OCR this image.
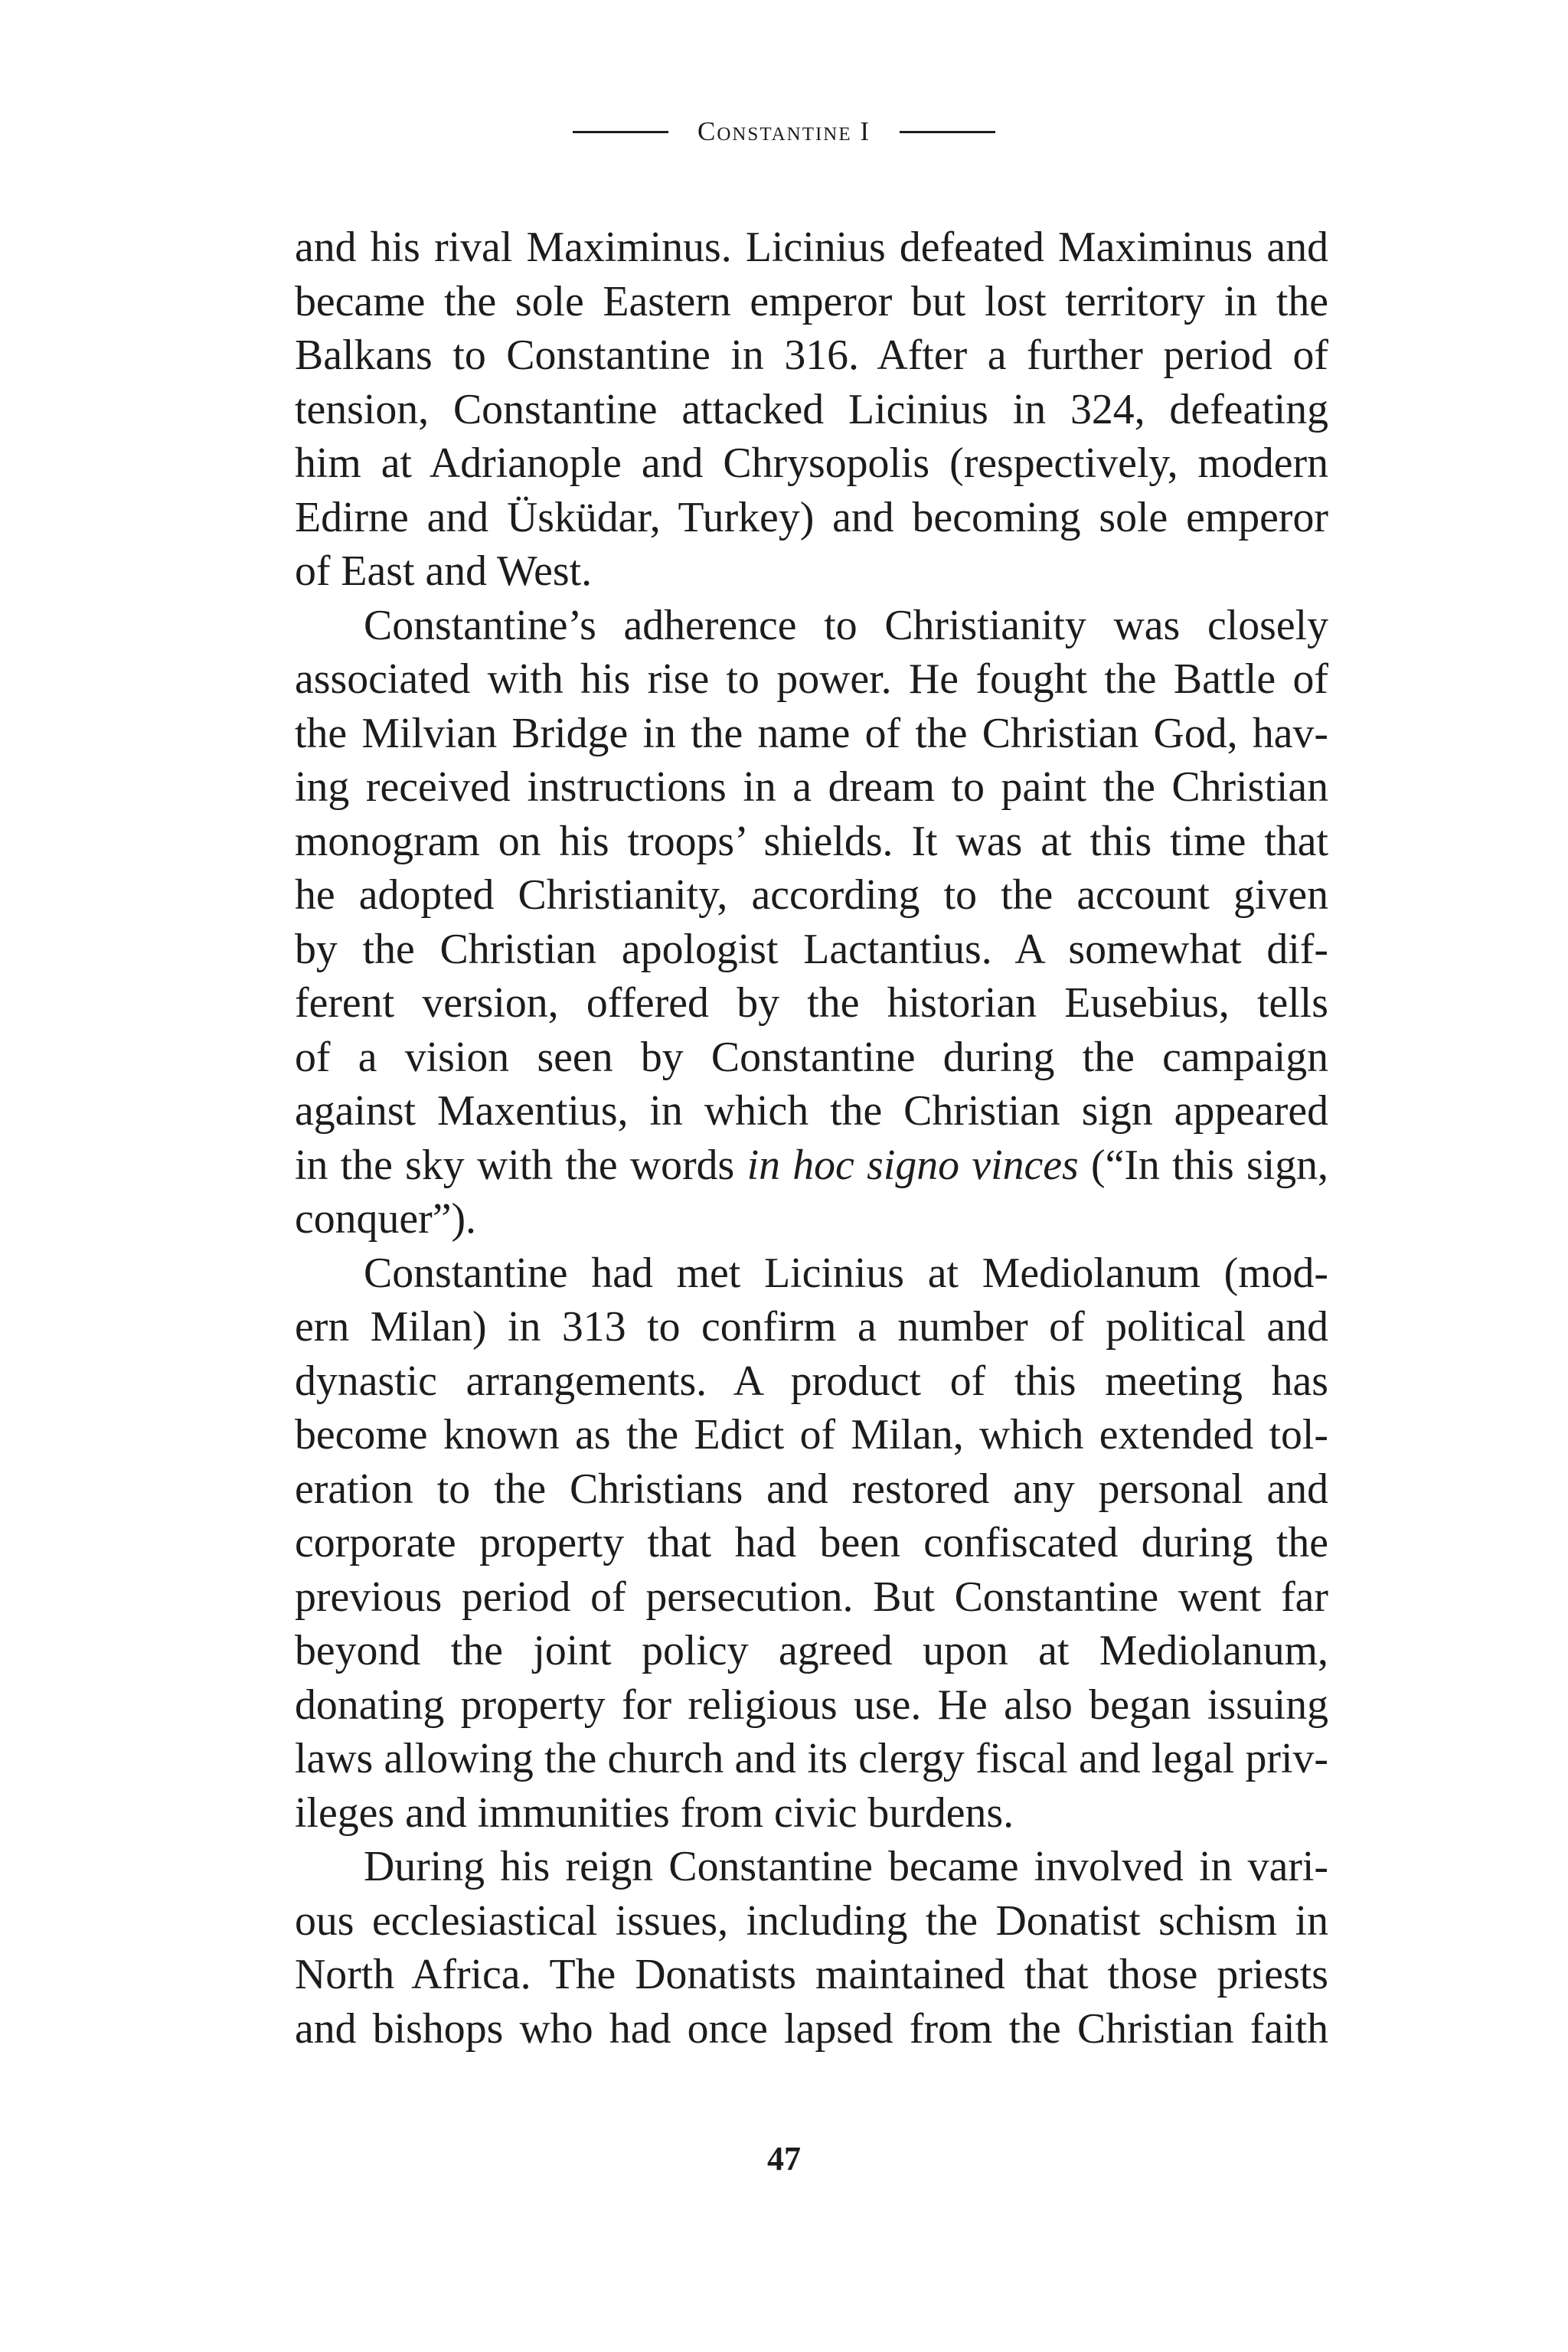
Constantine I
and his rival Maximinus. Licinius defeated Maximinus and
became the sole Eastern emperor but lost territory in the
Balkans to Constantine in 316. After a further period of
tension, Constantine attacked Licinius in 324, defeating
him at Adrianople and Chrysopolis (respectively, modern
Edirne and Üsküdar, Turkey) and becoming sole emperor
of East and West.
Constantine’s adherence to Christianity was closely
associated with his rise to power. He fought the Battle of
the Milvian Bridge in the name of the Christian God, hav-
ing received instructions in a dream to paint the Christian
monogram on his troops’ shields. It was at this time that
he adopted Christianity, according to the account given
by the Christian apologist Lactantius. A somewhat dif-
ferent version, offered by the historian Eusebius, tells
of a vision seen by Constantine during the campaign
against Maxentius, in which the Christian sign appeared
in the sky with the words in hoc signo vinces (“In this sign,
conquer”).
Constantine had met Licinius at Mediolanum (mod-
ern Milan) in 313 to confirm a number of political and
dynastic arrangements. A product of this meeting has
become known as the Edict of Milan, which extended tol-
eration to the Christians and restored any personal and
corporate property that had been confiscated during the
previous period of persecution. But Constantine went far
beyond the joint policy agreed upon at Mediolanum,
donating property for religious use. He also began issuing
laws allowing the church and its clergy fiscal and legal priv-
ileges and immunities from civic burdens.
During his reign Constantine became involved in vari-
ous ecclesiastical issues, including the Donatist schism in
North Africa. The Donatists maintained that those priests
and bishops who had once lapsed from the Christian faith
47
